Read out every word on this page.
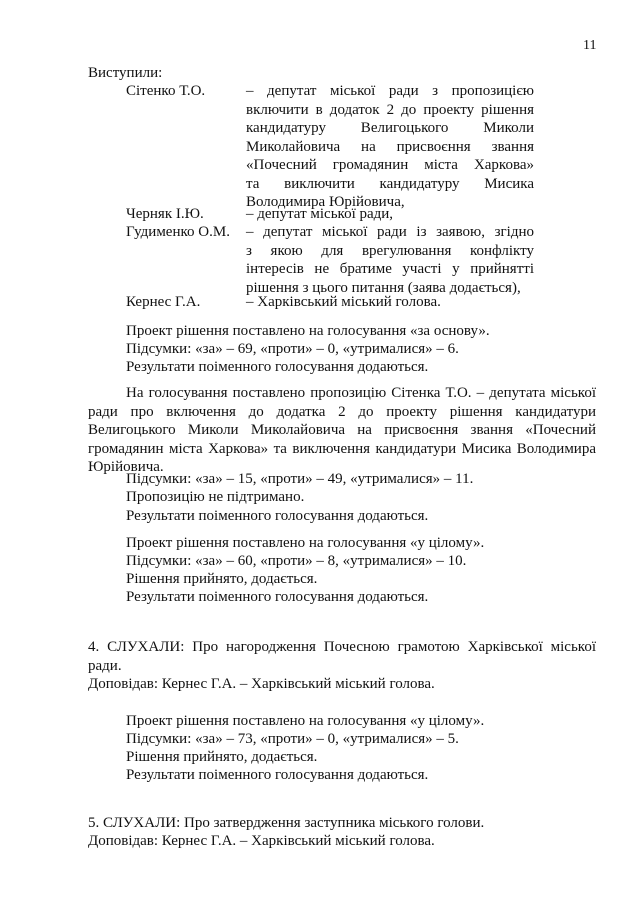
11
Виступили:
Сітенко Т.О.	– депутат міської ради з пропозицією
включити в додаток 2 до проекту рішення
кандидатуру Велигоцького Миколи
Миколайовича на присвоєння звання
«Почесний громадянин міста Харкова»
та виключити кандидатуру Мисика
Володимира Юрійовича,
Черняк І.Ю.	– депутат міської ради,
Гудименко О.М. – депутат міської ради із заявою, згідно
з якою для врегулювання конфлікту
інтересів не братиме участі у прийнятті
рішення з цього питання (заява додається),
Кернес Г.А.	– Харківський міський голова.
Проект рішення поставлено на голосування «за основу».
Підсумки: «за» – 69, «проти» – 0, «утрималися» – 6.
Результати поіменного голосування додаються.
На голосування поставлено пропозицію Сітенка Т.О. – депутата міської
ради про включення до додатка 2 до проекту рішення кандидатури
Велигоцького Миколи Миколайовича на присвоєння звання «Почесний
громадянин міста Харкова» та виключення кандидатури Мисика Володимира
Юрійовича.
Підсумки: «за» – 15, «проти» – 49, «утрималися» – 11.
Пропозицію не підтримано.
Результати поіменного голосування додаються.
Проект рішення поставлено на голосування «у цілому».
Підсумки: «за» – 60, «проти» – 8, «утрималися» – 10.
Рішення прийнято, додається.
Результати поіменного голосування додаються.
4. СЛУХАЛИ: Про нагородження Почесною грамотою Харківської міської
ради.
Доповідав: Кернес Г.А. – Харківський міський голова.
Проект рішення поставлено на голосування «у цілому».
Підсумки: «за» – 73, «проти» – 0, «утрималися» – 5.
Рішення прийнято, додається.
Результати поіменного голосування додаються.
5. СЛУХАЛИ: Про затвердження заступника міського голови.
Доповідав: Кернес Г.А. – Харківський міський голова.
